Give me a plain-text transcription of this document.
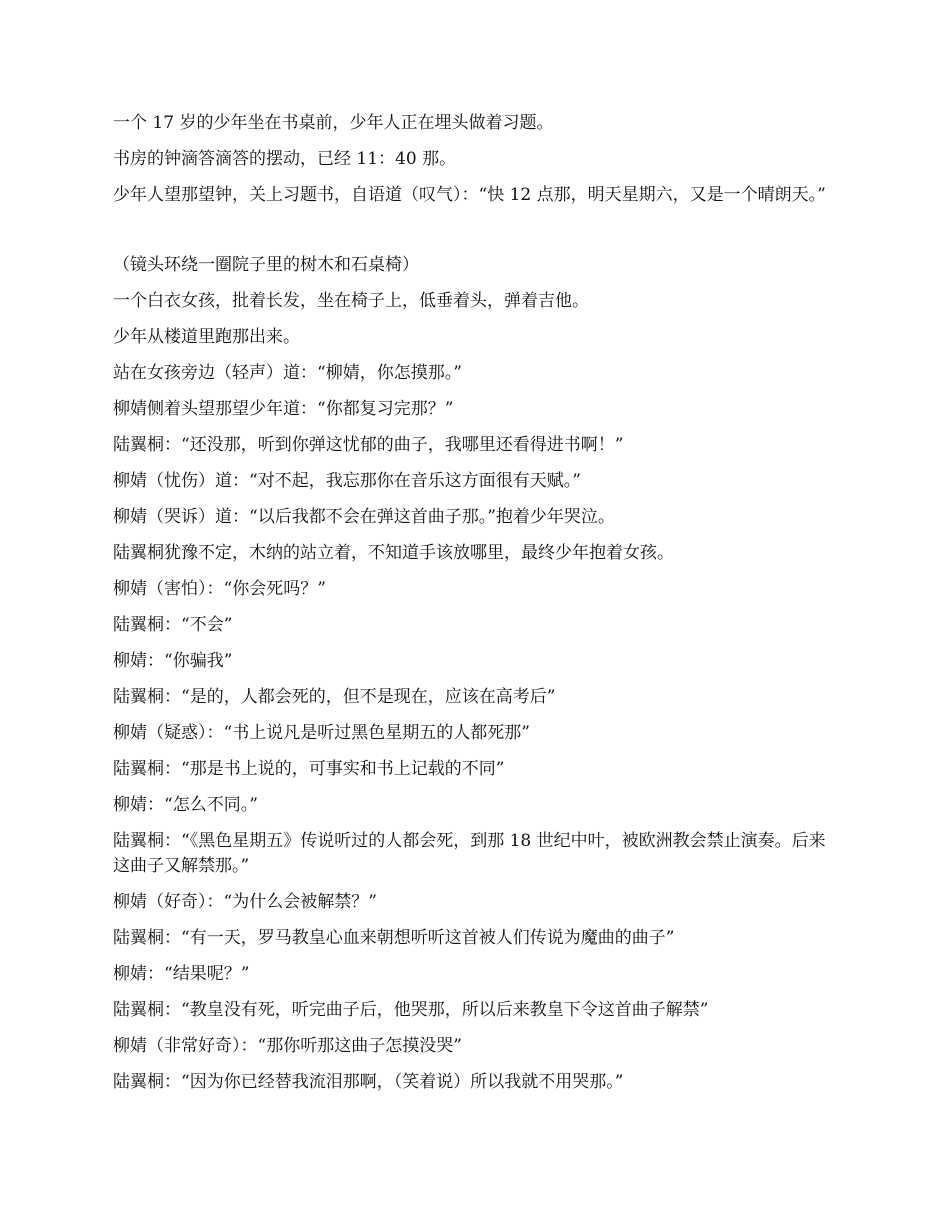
一个 17 岁的少年坐在书桌前，少年人正在埋头做着习题。

书房的钟滴答滴答的摆动，已经 11：40 那。

少年人望那望钟，关上习题书，自语道（叹气）：“快 12 点那，明天星期六，又是一个晴朗天。”

（镜头环绕一圈院子里的树木和石桌椅）

一个白衣女孩，批着长发，坐在椅子上，低垂着头，弹着吉他。

少年从楼道里跑那出来。

站在女孩旁边（轻声）道：“柳婧，你怎摸那。”

柳婧侧着头望那望少年道：“你都复习完那？”

陆翼桐：“还没那，听到你弹这忧郁的曲子，我哪里还看得进书啊！”

柳婧（忧伤）道：“对不起，我忘那你在音乐这方面很有天赋。”

柳婧（哭诉）道：“以后我都不会在弹这首曲子那。”抱着少年哭泣。

陆翼桐犹豫不定，木纳的站立着，不知道手该放哪里，最终少年抱着女孩。

柳婧（害怕）：“你会死吗？”

陆翼桐：“不会”

柳婧：“你骗我”

陆翼桐：“是的，人都会死的，但不是现在，应该在高考后”

柳婧（疑惑）：“书上说凡是听过黑色星期五的人都死那”

陆翼桐：“那是书上说的，可事实和书上记载的不同”

柳婧：“怎么不同。”

陆翼桐：“《黑色星期五》传说听过的人都会死，到那 18 世纪中叶，被欧洲教会禁止演奏。后来这曲子又解禁那。”

柳婧（好奇）：“为什么会被解禁？”

陆翼桐：“有一天，罗马教皇心血来朝想听听这首被人们传说为魔曲的曲子”

柳婧：“结果呢？”

陆翼桐：“教皇没有死，听完曲子后，他哭那，所以后来教皇下令这首曲子解禁”

柳婧（非常好奇）：“那你听那这曲子怎摸没哭”

陆翼桐：“因为你已经替我流泪那啊，（笑着说）所以我就不用哭那。”
